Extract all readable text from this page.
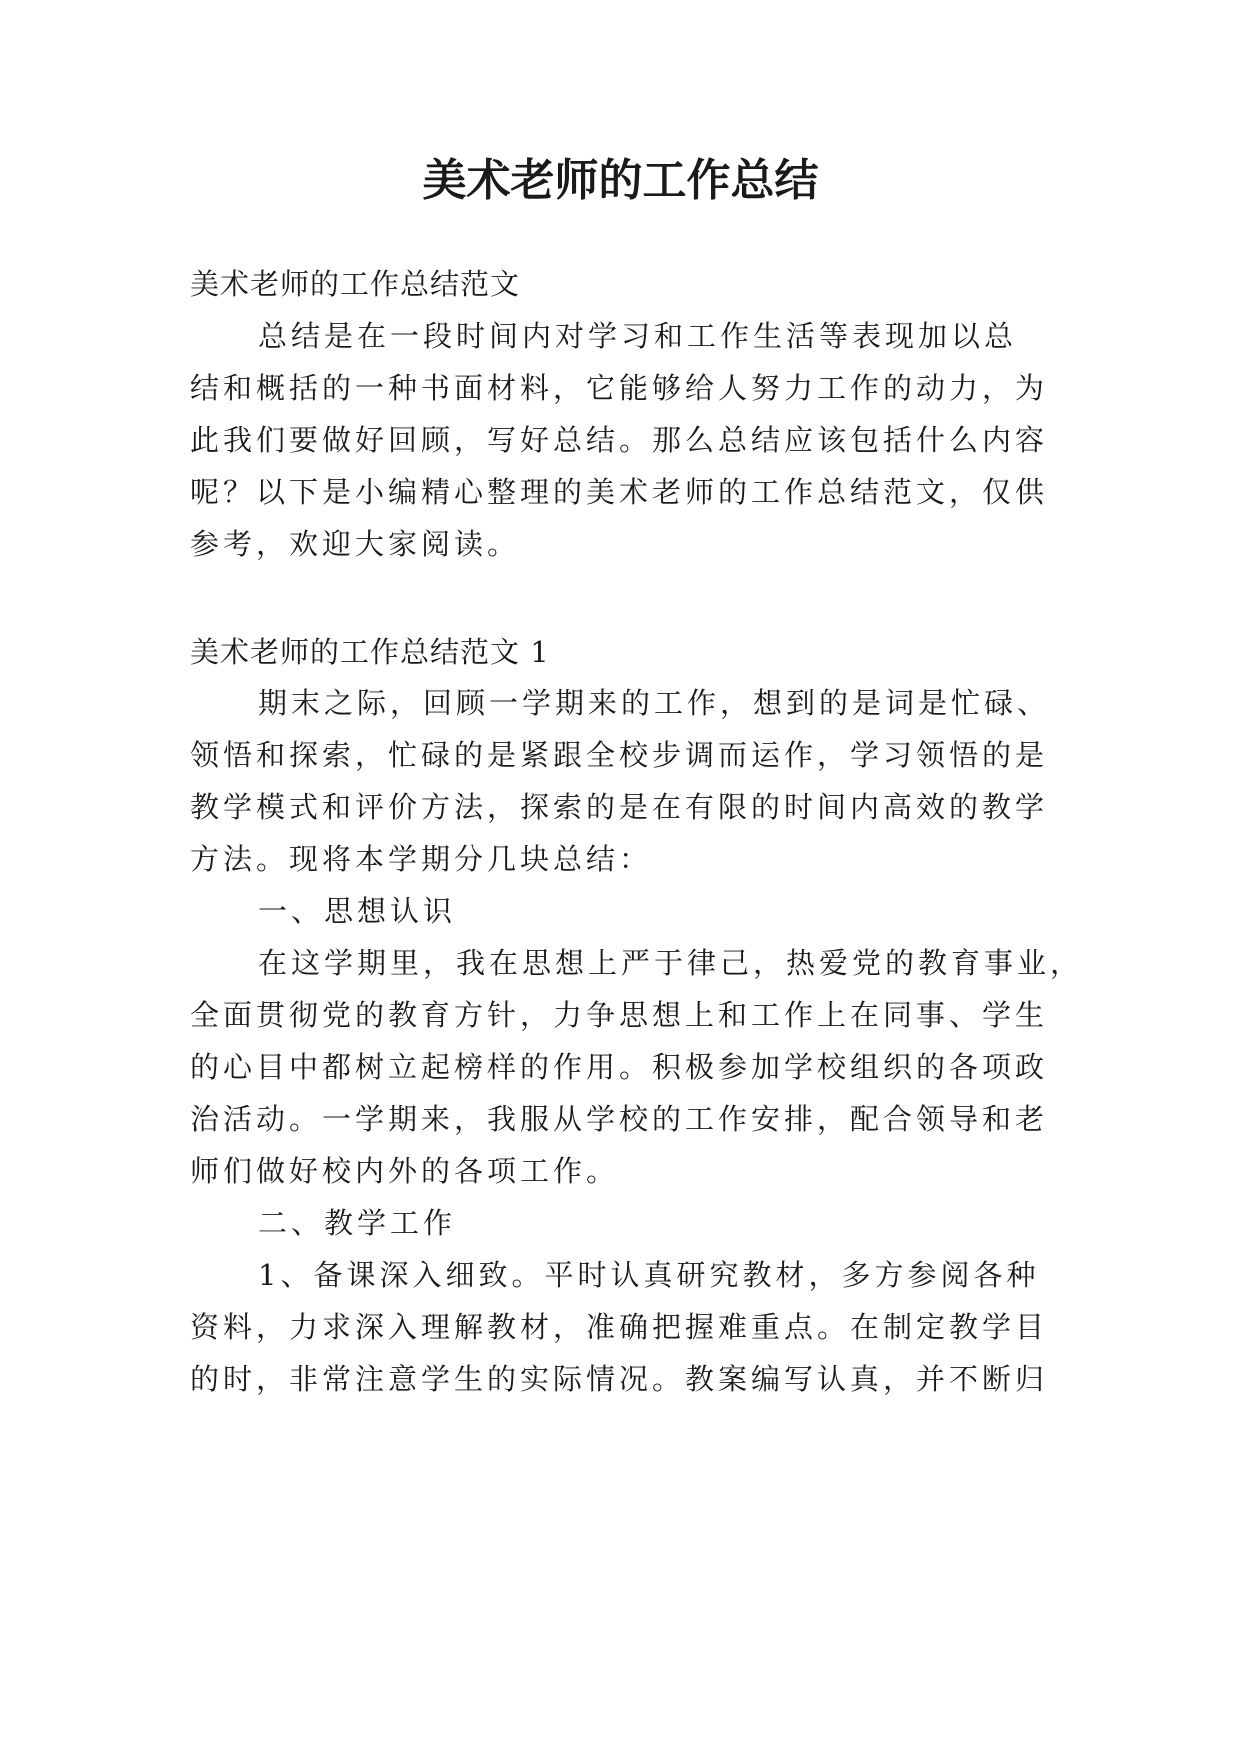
美术老师的工作总结

美术老师的工作总结范文

总结是在一段时间内对学习和工作生活等表现加以总

结和概括的一种书面材料，它能够给人努力工作的动力，为

此我们要做好回顾，写好总结。那么总结应该包括什么内容

呢？以下是小编精心整理的美术老师的工作总结范文，仅供

参考，欢迎大家阅读。

美术老师的工作总结范文 1

期末之际，回顾一学期来的工作，想到的是词是忙碌、

领悟和探索，忙碌的是紧跟全校步调而运作，学习领悟的是

教学模式和评价方法，探索的是在有限的时间内高效的教学

方法。现将本学期分几块总结：

一、思想认识

在这学期里，我在思想上严于律己，热爱党的教育事业，

全面贯彻党的教育方针，力争思想上和工作上在同事、学生

的心目中都树立起榜样的作用。积极参加学校组织的各项政

治活动。一学期来，我服从学校的工作安排，配合领导和老

师们做好校内外的各项工作。

二、教学工作

1、备课深入细致。平时认真研究教材，多方参阅各种

资料，力求深入理解教材，准确把握难重点。在制定教学目

的时，非常注意学生的实际情况。教案编写认真，并不断归
